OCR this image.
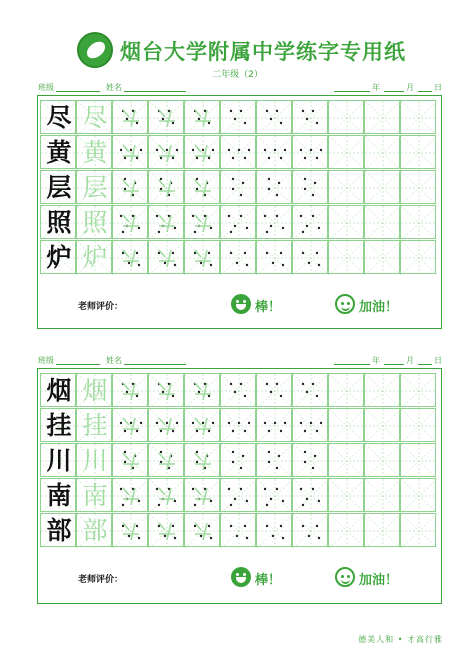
烟台大学附属中学练字专用纸
二年级（2）
班级	姓名	年	月	日
尽 尽
黄 黄
层 层
照 照
炉 炉
老师评价：	棒！	加油！
班级	姓名	年	月	日
烟 烟
挂 挂
川 川
南 南
部 部
老师评价：	棒！	加油！
德美人和 • 才高行雅
